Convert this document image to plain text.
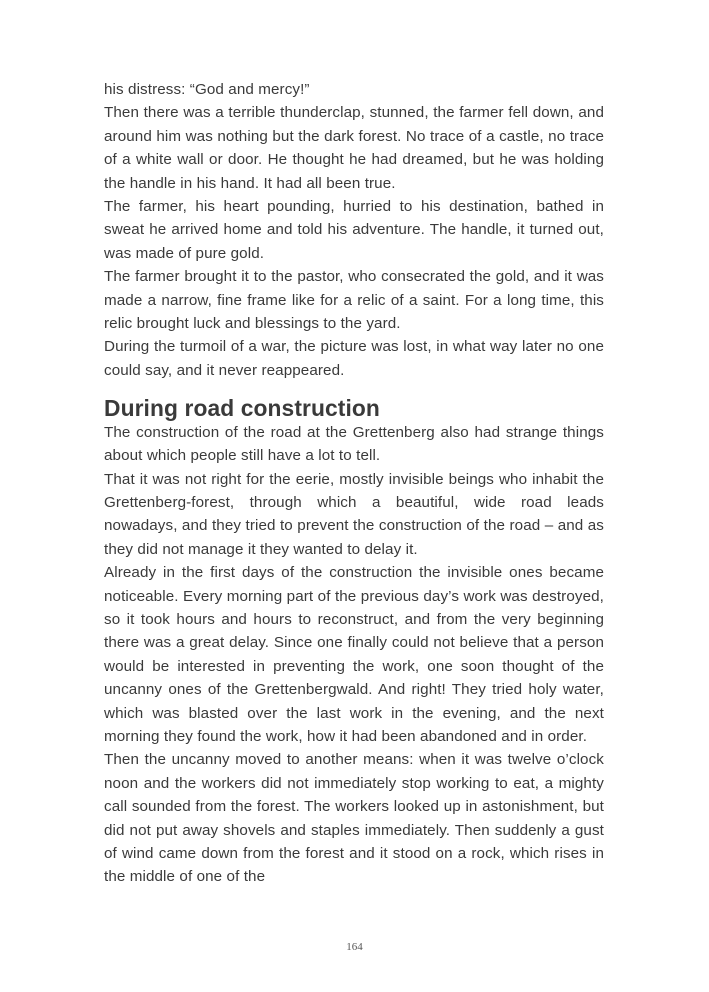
his distress: “God and mercy!”

Then there was a terrible thunderclap, stunned, the farmer fell down, and around him was nothing but the dark forest. No trace of a castle, no trace of a white wall or door. He thought he had dreamed, but he was holding the handle in his hand. It had all been true.

The farmer, his heart pounding, hurried to his destination, bathed in sweat he arrived home and told his adventure. The handle, it turned out, was made of pure gold.

The farmer brought it to the pastor, who consecrated the gold, and it was made a narrow, fine frame like for a relic of a saint. For a long time, this relic brought luck and blessings to the yard.

During the turmoil of a war, the picture was lost, in what way later no one could say, and it never reappeared.

During road construction

The construction of the road at the Grettenberg also had strange things about which people still have a lot to tell.

That it was not right for the eerie, mostly invisible beings who inhabit the Grettenberg-forest, through which a beautiful, wide road leads nowadays, and they tried to prevent the construction of the road – and as they did not manage it they wanted to delay it.

Already in the first days of the construction the invisible ones became noticeable. Every morning part of the previous day’s work was destroyed, so it took hours and hours to reconstruct, and from the very beginning there was a great delay. Since one finally could not believe that a person would be interested in preventing the work, one soon thought of the uncanny ones of the Grettenbergwald. And right! They tried holy water, which was blasted over the last work in the evening, and the next morning they found the work, how it had been abandoned and in order.

Then the uncanny moved to another means: when it was twelve o’clock noon and the workers did not immediately stop working to eat, a mighty call sounded from the forest. The workers looked up in astonishment, but did not put away shovels and staples immediately. Then suddenly a gust of wind came down from the forest and it stood on a rock, which rises in the middle of one of the

164
